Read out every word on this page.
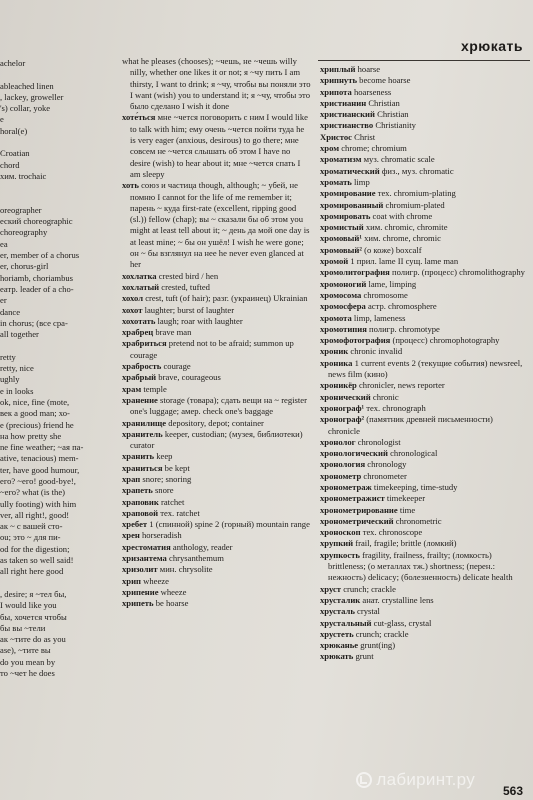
хрюкать
achelor

ableached linen
, lackey, groweller
's) collar, yoke
e
horal(e)

Croatian
chord
хим. trochaic

oreographer
еский choreographic
choreography
ea
er, member of a chorus
er, chorus-girl
horiamb, choriambus
еатр. leader of a cho-
er
dance
in chorus; (все сра-
all together

retty
retty, nice
ughly
e in looks
ok, nice, fine (mote,
век a good man; хо-
e (precious) friend he
на how pretty she
ne fine weather; ~ая па-
ative, tenacious) mem-
ter, have good humour,
его? ~его! good-bye!,
~его? what (is the)
ully footing) with him
ver, all right!, good!
ак ~ с вашей сто-
ou; это ~ для пи-
od for the digestion;
as taken so well said!
all right here good

, desire; я ~тел бы,
I would like you
бы, хочется чтобы
бы вы ~тели
ак ~тите do as you
ase), ~тите вы
do you mean by
то ~чет he does

what he pleases (chooses); ~чешь, не ~чешь willy nilly, whether one likes it or not; я ~чу пить I am thirsty, I want to drink; я ~чу, чтобы вы поняли это I want (wish) you to understand it; я ~чу, чтобы это было сделано I wish it done

хоте́ться мне ~чется поговорить с ним I would like to talk with him; ему очень ~чется пойти туда he is very eager (anxious, desirous) to go there; мне совсем не ~чется слышать об этом I have no desire (wish) to hear about it; мне ~чется спать I am sleepy

хоть союз и частица though, although; ~ убей, не помню I cannot for the life of me remember it; парень ~ куда first-rate (excellent, ripping good (sl.)) fellow (chap); вы ~ сказали бы об этом you might at least tell about it; ~ день да мой one day is at least mine; ~ бы он ушёл! I wish he were gone; он ~ бы взглянул на нее he never even glanced at her

хохлатка crested bird / hen

хохлатый crested, tufted

хохол crest, tuft (of hair); разг. (украинец) Ukrainian

хохот laughter; burst of laughter

хохотать laugh; roar with laughter

храбрец brave man

храбриться pretend not to be afraid; summon up courage

храбрость courage

храбрый brave, courageous

храм temple

хранение storage (товара); сдать вещи на ~ register one's luggage; амер. check one's baggage

хранилище depository, depot; container

хранитель keeper, custodian; (музея, библиотеки) curator

хранить keep

храниться be kept

храп snore; snoring

храпеть snore

храповик ratchet

храповой тех. ratchet

хребет 1 (спинной) spine 2 (горный) mountain range

хрен horseradish

хрестоматия anthology, reader

хризантема chrysanthemum

хризолит мин. chrysolite

хрип wheeze

хрипение wheeze

хрипеть be hoarse

хриплый hoarse

хрипнуть become hoarse

хрипота hoarseness

христианин Christian

христианский Christian

христианство Christianity

Христос Christ

хром chrome; chromium

хроматизм муз. chromatic scale

хроматический физ., муз. chromatic

хромать limp

хромирование тех. chromium-plating

хромированный chromium-plated

хромировать coat with chrome

хромистый хим. chromic, chromite

хромовый¹ хим. chrome, chromic

хромовый² (о коже) boxcalf

хромой 1 прил. lame II сущ. lame man

хромолитография полигр. (процесс) chromolithography

хромоногий lame, limping

хромосома chromosome

хромосфера астр. chromosphere

хромота limp, lameness

хромотипия полигр. chromotype

хромофотография (процесс) chromophotography

хроник chronic invalid

хроника 1 current events 2 (текущие события) newsreel, news film (кино)

хроникёр chronicler, news reporter

хронический chronic

хронограф¹ тех. chronograph

хронограф² (памятник древней письменности) chronicle

хронолог chronologist

хронологический chronological

хронология chronology

хронометр chronometer

хронометраж timekeeping, time-study

хронометражист timekeeper

хронометрирование time

хронометрический chronometric

хроноскоп тех. chronoscope

хрупкий frail, fragile; brittle (ломкий)

хрупкость fragility, frailness, frailty; (ломкость) brittleness; (о металлах тж.) shortness; (перен.: нежность) delicacy; (болезненность) delicate health

хруст crunch; crackle

хрусталик анат. crystalline lens

хрусталь crystal

хрустальный cut-glass, crystal

хрустеть crunch; crackle

хрюканье grunt(ing)

хрюкать grunt

лабиринт.ру
563
